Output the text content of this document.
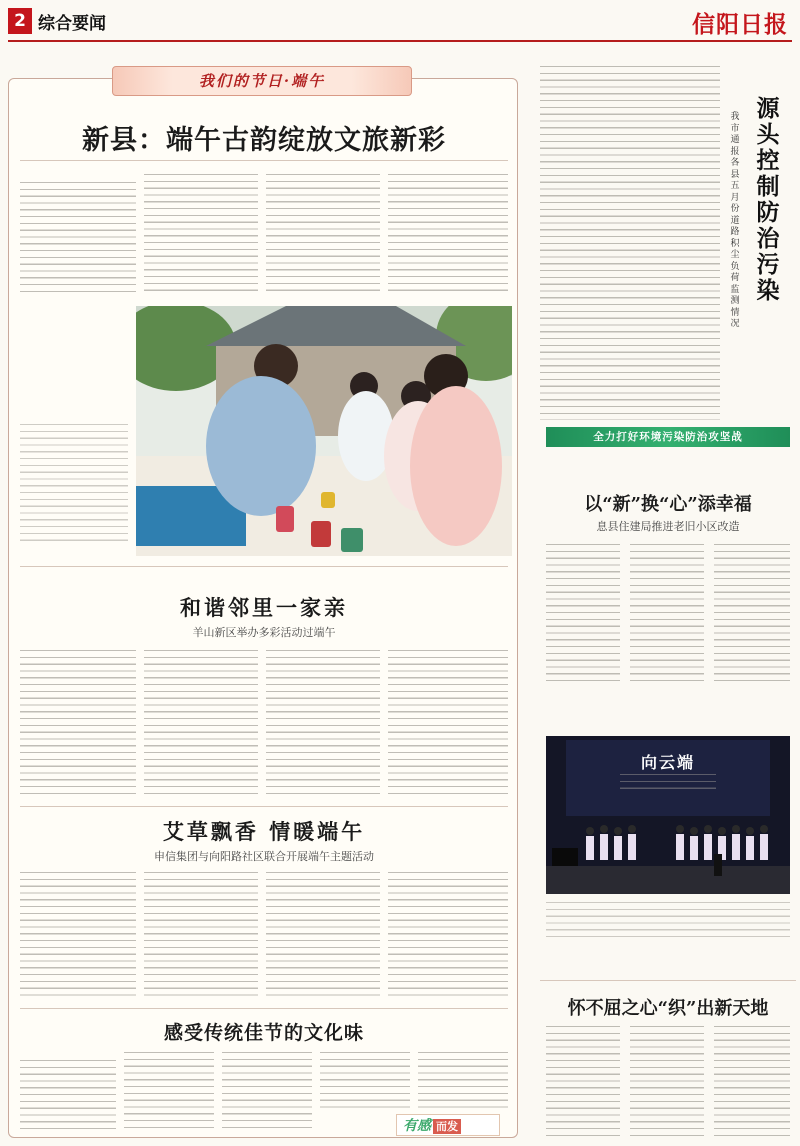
2 综合要闻	信阳日报
我们的节日·端午
新县：端午古韵绽放文旅新彩
和谐邻里一家亲
羊山新区举办多彩活动过端午
艾草飘香 情暖端午
申信集团与向阳路社区联合开展端午主题活动
感受传统佳节的文化味
有感 而发
源头控制 防治污染
我市通报各县五月份道路积尘负荷监测情况
全力打好环境污染防治攻坚战
以“新”换“心”添幸福
息县住建局推进老旧小区改造
向云端
怀不屈之心“织”出新天地
